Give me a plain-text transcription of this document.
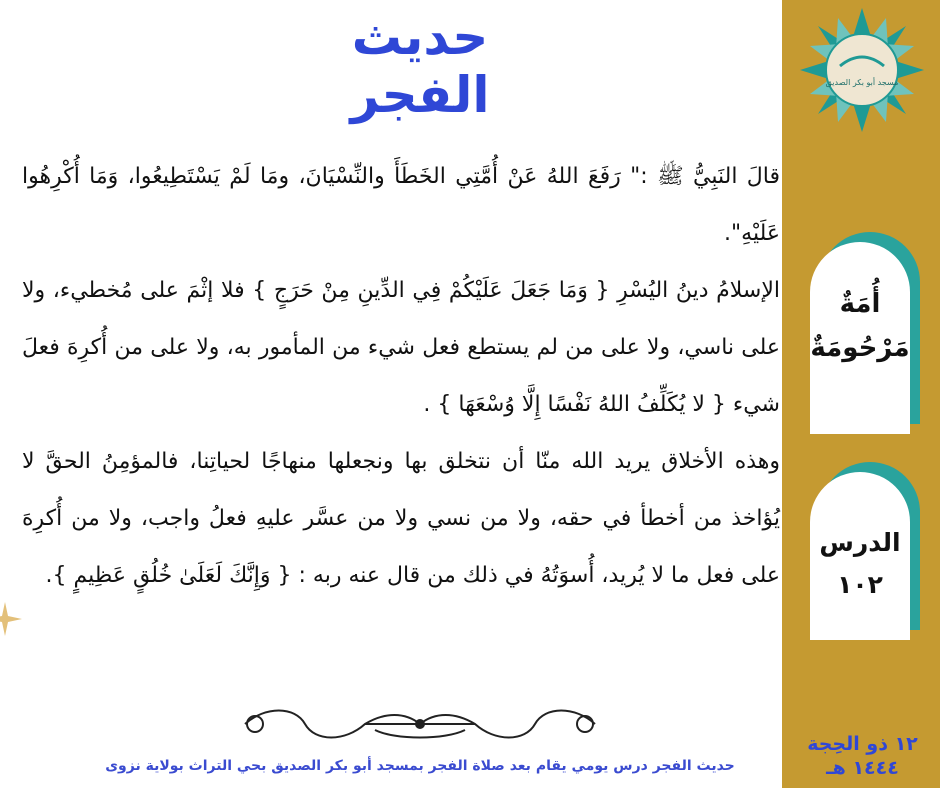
حديث الفجر

قالَ النَبِيُّ ﷺ :" رَفَعَ اللهُ عَنْ أُمَّتِي الخَطَأَ والنِّسْيَانَ، ومَا لَمْ يَسْتَطِيعُوا، وَمَا أُكْرِهُوا عَلَيْهِ".

الإسلامُ دينُ اليُسْرِ { وَمَا جَعَلَ عَلَيْكُمْ فِي الدِّينِ مِنْ حَرَجٍ } فلا إثْمَ على مُخطيء، ولا على ناسي، ولا على من لم يستطع فعل شيء من المأمور به، ولا على من أُكرِهَ فعلَ شيء { لا يُكَلِّفُ اللهُ نَفْسًا إِلَّا وُسْعَهَا } .

وهذه الأخلاق يريد الله منّا أن نتخلق بها ونجعلها منهاجًا لحياتِنا، فالمؤمِنُ الحقَّ لا يُؤاخذ من أخطأ في حقه، ولا من نسي ولا من عسَّر عليهِ فعلُ واجب، ولا من أُكرِهَ على فعل ما لا يُريد، أُسوَتُهُ في ذلك من قال عنه ربه : { وَإِنَّكَ لَعَلَىٰ خُلُقٍ عَظِيمٍ }.

حديث الفجر درس يومي يقام بعد صلاة الفجر بمسجد أبو بكر الصديق بحي التراث بولاية نزوى
مسجد أبو بكر الصديق
أُمَةٌ
مَرْحُومَةٌ
الدرس
١٠٢
١٢ ذو الحِجة
١٤٤٤ هـ
